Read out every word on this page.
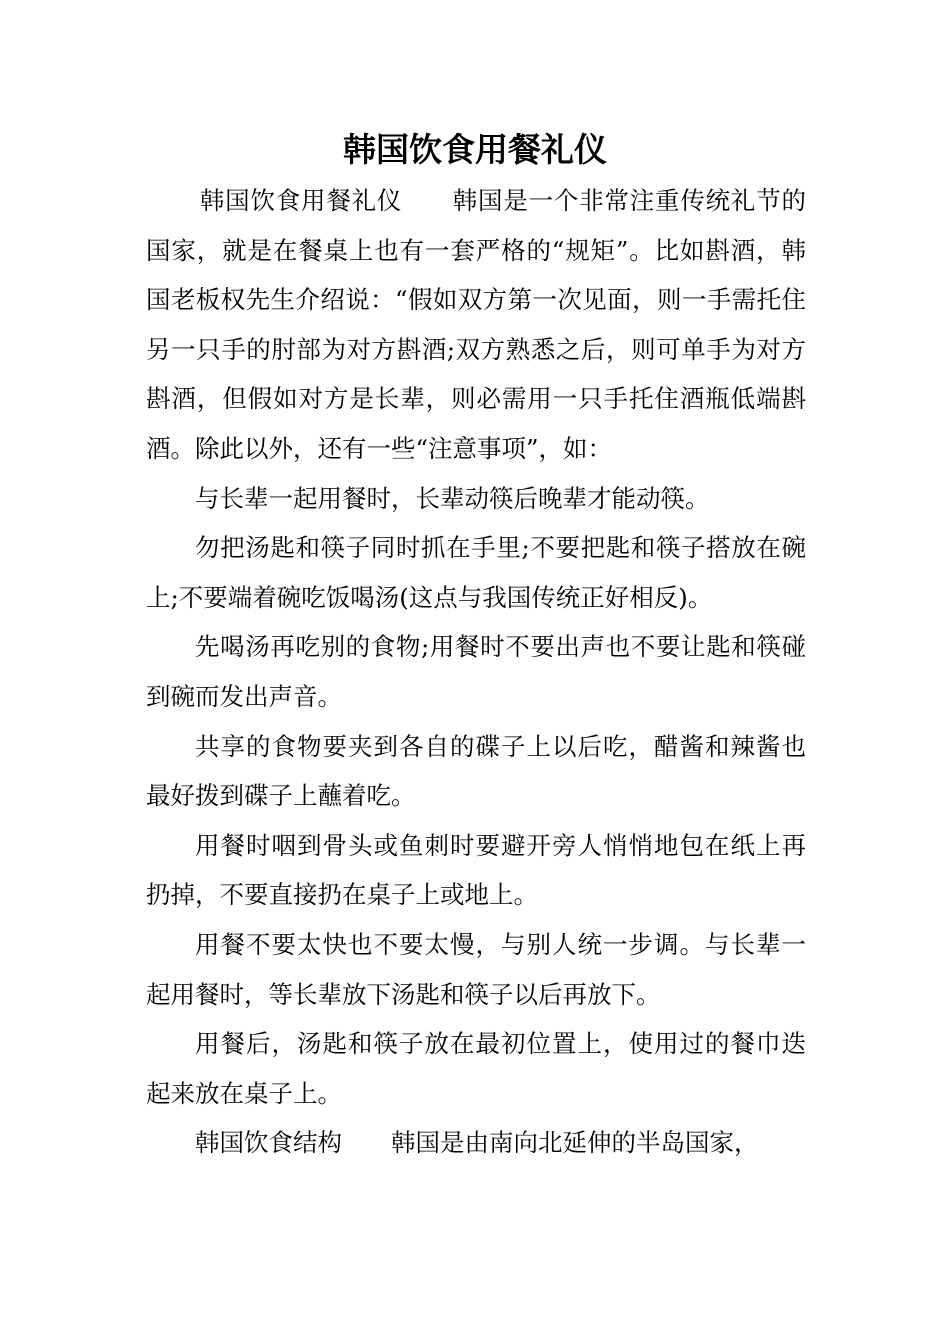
韩国饮食用餐礼仪

韩国饮食用餐礼仪　　韩国是一个非常注重传统礼节的国家，就是在餐桌上也有一套严格的“规矩”。比如斟酒，韩国老板权先生介绍说：“假如双方第一次见面，则一手需托住另一只手的肘部为对方斟酒;双方熟悉之后，则可单手为对方斟酒，但假如对方是长辈，则必需用一只手托住酒瓶低端斟酒。除此以外，还有一些“注意事项”，如：

与长辈一起用餐时，长辈动筷后晚辈才能动筷。

勿把汤匙和筷子同时抓在手里;不要把匙和筷子搭放在碗上;不要端着碗吃饭喝汤(这点与我国传统正好相反)。

先喝汤再吃别的食物;用餐时不要出声也不要让匙和筷碰到碗而发出声音。

共享的食物要夹到各自的碟子上以后吃，醋酱和辣酱也最好拨到碟子上蘸着吃。

用餐时咽到骨头或鱼刺时要避开旁人悄悄地包在纸上再扔掉，不要直接扔在桌子上或地上。

用餐不要太快也不要太慢，与别人统一步调。与长辈一起用餐时，等长辈放下汤匙和筷子以后再放下。

用餐后，汤匙和筷子放在最初位置上，使用过的餐巾迭起来放在桌子上。

韩国饮食结构　　韩国是由南向北延伸的半岛国家，
